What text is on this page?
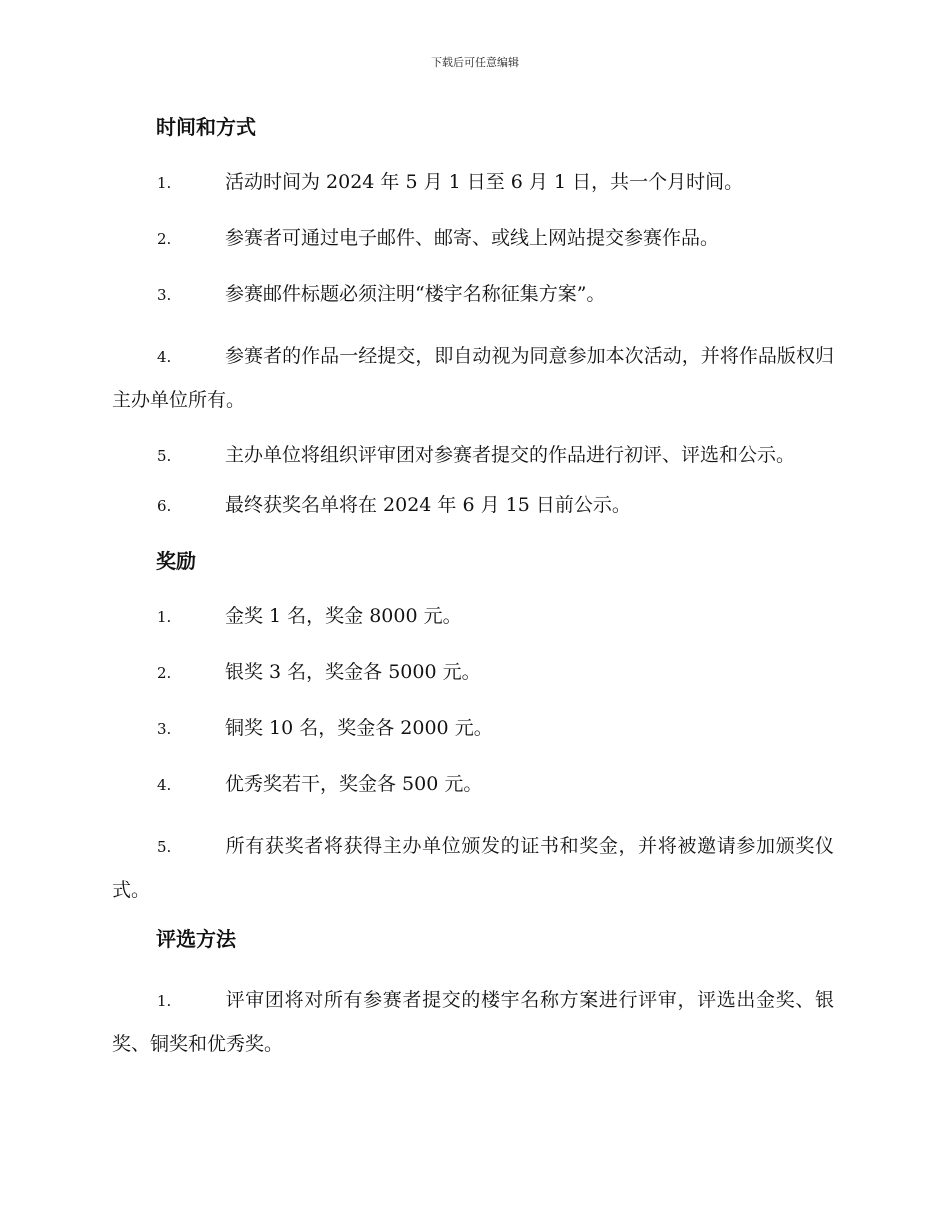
下载后可任意编辑
时间和方式
1.	活动时间为 2024 年 5 月 1 日至 6 月 1 日，共一个月时间。
2.	参赛者可通过电子邮件、邮寄、或线上网站提交参赛作品。
3.	参赛邮件标题必须注明“楼宇名称征集方案”。
4.	参赛者的作品一经提交，即自动视为同意参加本次活动，并将作品版权归主办单位所有。
5.	主办单位将组织评审团对参赛者提交的作品进行初评、评选和公示。
6.	最终获奖名单将在 2024 年 6 月 15 日前公示。
奖励
1.	金奖 1 名，奖金 8000 元。
2.	银奖 3 名，奖金各 5000 元。
3.	铜奖 10 名，奖金各 2000 元。
4.	优秀奖若干，奖金各 500 元。
5.	所有获奖者将获得主办单位颁发的证书和奖金，并将被邀请参加颁奖仪式。
评选方法
1.	评审团将对所有参赛者提交的楼宇名称方案进行评审，评选出金奖、银奖、铜奖和优秀奖。
